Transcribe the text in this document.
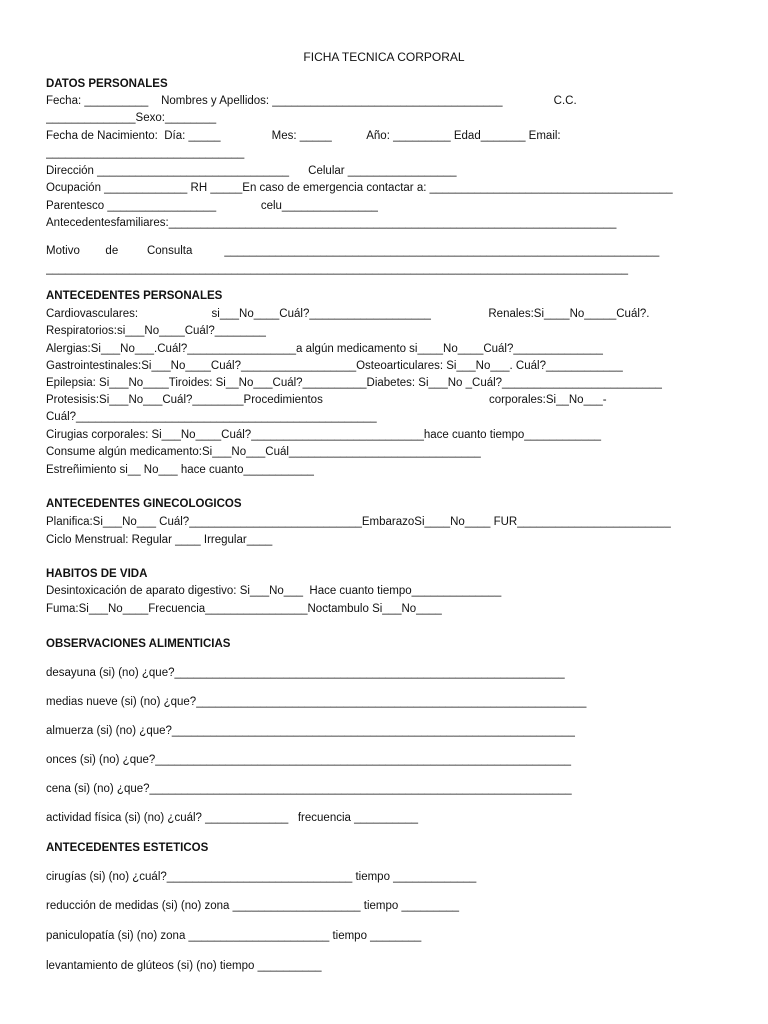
FICHA TECNICA CORPORAL
DATOS PERSONALES
Fecha: __________    Nombres y Apellidos: ____________________________________                C.C.
______________Sexo:________
Fecha de Nacimiento:  Día: _____                Mes: _____           Año: _________ Edad_______ Email:
_______________________________
Dirección ______________________________      Celular _________________
Ocupación _____________ RH _____En caso de emergencia contactar a: ______________________________________
Parentesco _________________              celu_______________
Antecedentesfamiliares:______________________________________________________________________
Motivo        de         Consulta          ____________________________________________________________________
___________________________________________________________________________________________
ANTECEDENTES PERSONALES
Cardiovasculares:                       si___No____Cuál?___________________                  Renales:Si____No_____Cuál?.
Respiratorios:si___No____Cuál?________
Alergias:Si___No___.Cuál?_________________a algún medicamento si____No____Cuál?______________
Gastrointestinales:Si___No____Cuál?__________________Osteoarticulares: Si___No___. Cuál?____________
Epilepsia: Si___No____Tiroides: Si__No___Cuál?__________Diabetes: Si___No _Cuál?_________________________
Protesisis:Si___No___Cuál?________Procedimientos                                                    corporales:Si__No___-
Cuál?_______________________________________________
Cirugias corporales: Si___No____Cuál?___________________________hace cuanto tiempo____________
Consume algún medicamento:Si___No___Cuál______________________________
Estreñimiento si__ No___ hace cuanto___________
ANTECEDENTES GINECOLOGICOS
Planifica:Si___No___ Cuál?___________________________EmbarazoSi____No____ FUR________________________
Ciclo Menstrual: Regular ____ Irregular____
HABITOS DE VIDA
Desintoxicación de aparato digestivo: Si___No___  Hace cuanto tiempo______________
Fuma:Si___No____Frecuencia________________Noctambulo Si___No____
OBSERVACIONES ALIMENTICIAS
desayuna (si) (no) ¿que?_____________________________________________________________
medias nueve (si) (no) ¿que?_____________________________________________________________
almuerza (si) (no) ¿que?_______________________________________________________________
onces (si) (no) ¿que?_________________________________________________________________
cena (si) (no) ¿que?__________________________________________________________________
actividad física (si) (no) ¿cuál? _____________   frecuencia __________
ANTECEDENTES ESTETICOS
cirugías (si) (no) ¿cuál?_____________________________ tiempo _____________
reducción de medidas (si) (no) zona ____________________ tiempo _________
paniculopatía (si) (no) zona ______________________ tiempo ________
levantamiento de glúteos (si) (no) tiempo __________
